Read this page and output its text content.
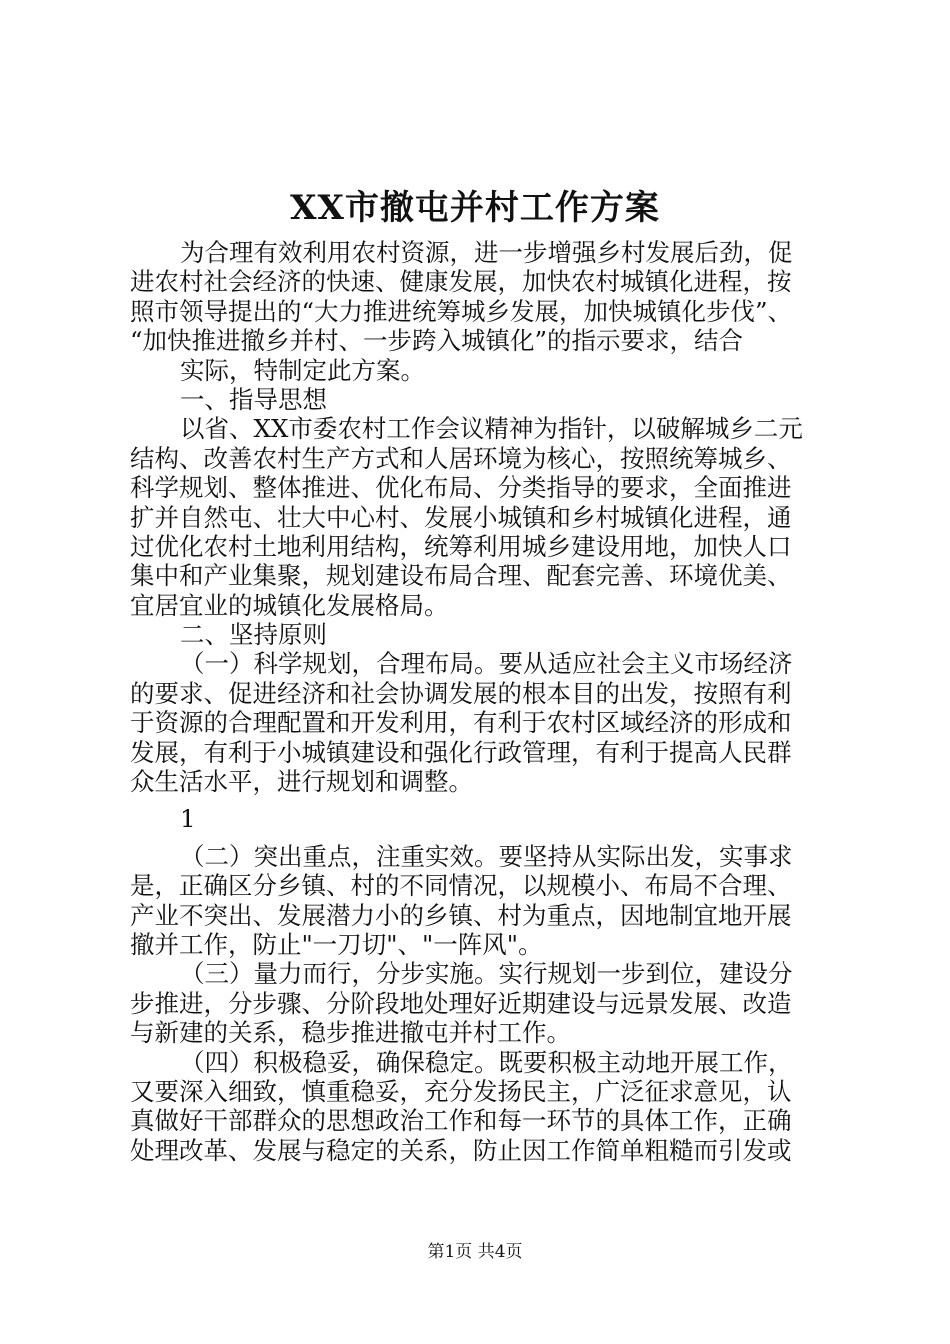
XX市撤屯并村工作方案
为合理有效利用农村资源，进一步增强乡村发展后劲，促
进农村社会经济的快速、健康发展，加快农村城镇化进程，按
照市领导提出的“大力推进统筹城乡发展，加快城镇化步伐”、
“加快推进撤乡并村、一步跨入城镇化”的指示要求，结合
实际，特制定此方案。
一、指导思想
以省、XX市委农村工作会议精神为指针，以破解城乡二元
结构、改善农村生产方式和人居环境为核心，按照统筹城乡、
科学规划、整体推进、优化布局、分类指导的要求，全面推进
扩并自然屯、壮大中心村、发展小城镇和乡村城镇化进程，通
过优化农村土地利用结构，统筹利用城乡建设用地，加快人口
集中和产业集聚，规划建设布局合理、配套完善、环境优美、
宜居宜业的城镇化发展格局。
二、坚持原则
（一）科学规划，合理布局。要从适应社会主义市场经济
的要求、促进经济和社会协调发展的根本目的出发，按照有利
于资源的合理配置和开发利用，有利于农村区域经济的形成和
发展，有利于小城镇建设和强化行政管理，有利于提高人民群
众生活水平，进行规划和调整。
1
（二）突出重点，注重实效。要坚持从实际出发，实事求
是，正确区分乡镇、村的不同情况，以规模小、布局不合理、
产业不突出、发展潜力小的乡镇、村为重点，因地制宜地开展
撤并工作，防止"一刀切"、"一阵风"。
（三）量力而行，分步实施。实行规划一步到位，建设分
步推进，分步骤、分阶段地处理好近期建设与远景发展、改造
与新建的关系，稳步推进撤屯并村工作。
（四）积极稳妥，确保稳定。既要积极主动地开展工作，
又要深入细致，慎重稳妥，充分发扬民主，广泛征求意见，认
真做好干部群众的思想政治工作和每一环节的具体工作，正确
处理改革、发展与稳定的关系，防止因工作简单粗糙而引发或
第1页 共4页
